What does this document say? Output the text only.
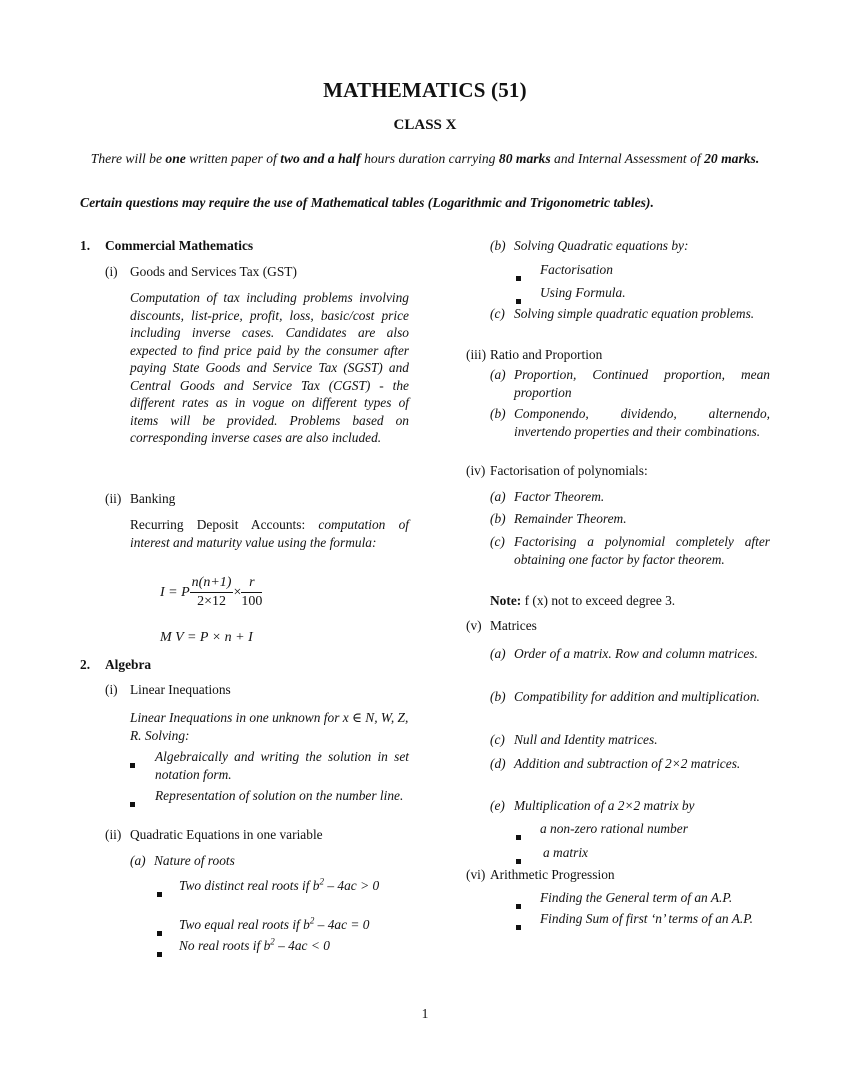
MATHEMATICS (51)
CLASS X
There will be one written paper of two and a half hours duration carrying 80 marks and Internal Assessment of 20 marks.
Certain questions may require the use of Mathematical tables (Logarithmic and Trigonometric tables).
1. Commercial Mathematics
(i) Goods and Services Tax (GST)
Computation of tax including problems involving discounts, list-price, profit, loss, basic/cost price including inverse cases. Candidates are also expected to find price paid by the consumer after paying State Goods and Service Tax (SGST) and Central Goods and Service Tax (CGST) - the different rates as in vogue on different types of items will be provided. Problems based on corresponding inverse cases are also included.
(ii) Banking
Recurring Deposit Accounts: computation of interest and maturity value using the formula:
I = P $\frac{n(n+1)}{2\times 12} \times \frac{r}{100}$
M V = P × n + I
2. Algebra
(i) Linear Inequations
Linear Inequations in one unknown for x ∈ N, W, Z, R. Solving:
Algebraically and writing the solution in set notation form.
Representation of solution on the number line.
(ii) Quadratic Equations in one variable
(a) Nature of roots
Two distinct real roots if $b^2 - 4ac > 0$
Two equal real roots if $b^2 - 4ac = 0$
No real roots if $b^2 - 4ac < 0$
(b) Solving Quadratic equations by:
Factorisation
Using Formula.
(c) Solving simple quadratic equation problems.
(iii) Ratio and Proportion
(a) Proportion, Continued proportion, mean proportion
(b) Componendo, dividendo, alternendo, invertendo properties and their combinations.
(iv) Factorisation of polynomials:
(a) Factor Theorem.
(b) Remainder Theorem.
(c) Factorising a polynomial completely after obtaining one factor by factor theorem.
Note: f (x) not to exceed degree 3.
(v) Matrices
(a) Order of a matrix. Row and column matrices.
(b) Compatibility for addition and multiplication.
(c) Null and Identity matrices.
(d) Addition and subtraction of 2×2 matrices.
(e) Multiplication of a 2×2 matrix by
a non-zero rational number
a matrix
(vi) Arithmetic Progression
Finding the General term of an A.P.
Finding Sum of first ‘n’ terms of an A.P.
1
